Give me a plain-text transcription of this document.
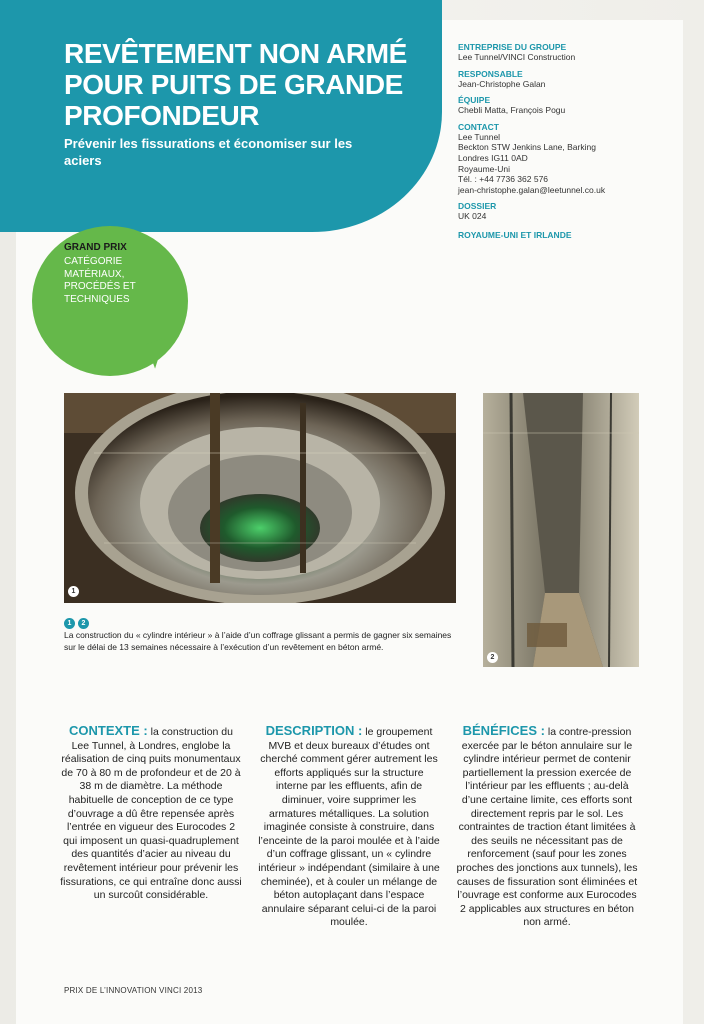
REVÊTEMENT NON ARMÉ POUR PUITS DE GRANDE PROFONDEUR

Prévenir les fissurations et économiser sur les aciers

GRAND PRIX
CATÉGORIE
MATÉRIAUX,
PROCÉDÉS ET
TECHNIQUES
ENTREPRISE DU GROUPE
Lee Tunnel/VINCI Construction
RESPONSABLE
Jean-Christophe Galan
ÉQUIPE
Chebli Matta, François Pogu
CONTACT
Lee Tunnel
Beckton STW Jenkins Lane, Barking
Londres IG11 0AD
Royaume-Uni
Tél. : +44 7736 362 576
jean-christophe.galan@leetunnel.co.uk
DOSSIER
UK 024
ROYAUME-UNI ET IRLANDE
1
2
1 2

La construction du « cylindre intérieur » à l’aide d’un coffrage glissant a permis de gagner six semaines sur le délai de 13 semaines nécessaire à l’exécution d’un revêtement en béton armé.

CONTEXTE : la construction du Lee Tunnel, à Londres, englobe la réalisation de cinq puits monumentaux de 70 à 80 m de profondeur et de 20 à 38 m de diamètre. La méthode habituelle de conception de ce type d’ouvrage a dû être repensée après l’entrée en vigueur des Eurocodes 2 qui imposent un quasi-quadruplement des quantités d’acier au niveau du revêtement intérieur pour prévenir les fissurations, ce qui entraîne donc aussi un surcoût considérable.
DESCRIPTION : le groupement MVB et deux bureaux d’études ont cherché comment gérer autrement les efforts appliqués sur la structure interne par les effluents, afin de diminuer, voire supprimer les armatures métalliques. La solution imaginée consiste à construire, dans l’enceinte de la paroi moulée et à l’aide d’un coffrage glissant, un « cylindre intérieur » indépendant (similaire à une cheminée), et à couler un mélange de béton autoplaçant dans l’espace annulaire séparant celui-ci de la paroi moulée.
BÉNÉFICES : la contre-pression exercée par le béton annulaire sur le cylindre intérieur permet de contenir partiellement la pression exercée de l’intérieur par les effluents ; au-delà d’une certaine limite, ces efforts sont directement repris par le sol. Les contraintes de traction étant limitées à des seuils ne nécessitant pas de renforcement (sauf pour les zones proches des jonctions aux tunnels), les causes de fissuration sont éliminées et l’ouvrage est conforme aux Eurocodes 2 applicables aux structures en béton non armé.
PRIX DE L’INNOVATION VINCI 2013
